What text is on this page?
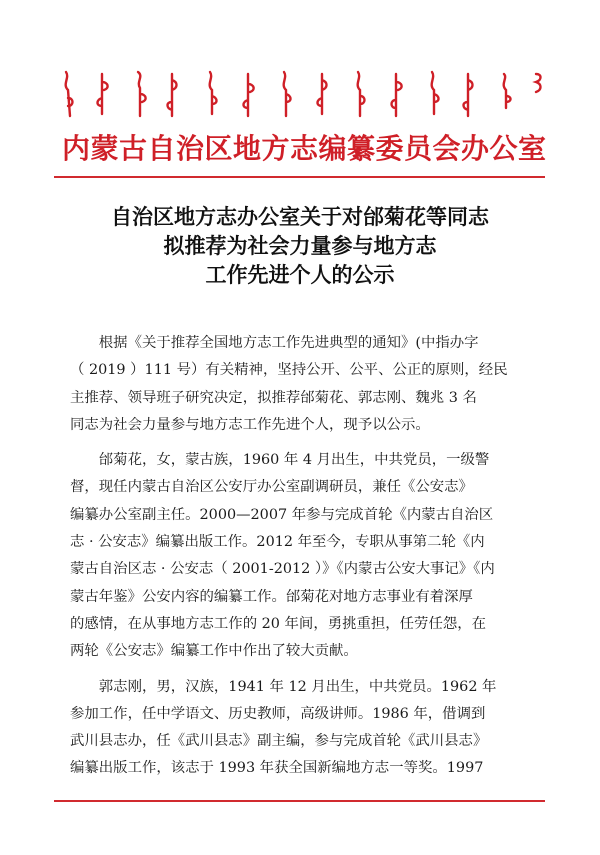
内蒙古自治区地方志编纂委员会办公室
自治区地方志办公室关于对邰菊花等同志
拟推荐为社会力量参与地方志
工作先进个人的公示
　　根据《关于推荐全国地方志工作先进典型的通知》(中指办字
（ 2019 ）111 号）有关精神，坚持公开、公平、公正的原则，经民
主推荐、领导班子研究决定，拟推荐邰菊花、郭志刚、魏兆 3 名
同志为社会力量参与地方志工作先进个人，现予以公示。
　　邰菊花，女，蒙古族，1960 年 4 月出生，中共党员，一级警
督，现任内蒙古自治区公安厅办公室副调研员，兼任《公安志》
编纂办公室副主任。2000—2007 年参与完成首轮《内蒙古自治区
志 · 公安志》编纂出版工作。2012 年至今，专职从事第二轮《内
蒙古自治区志 · 公安志（ 2001-2012 ）》《内蒙古公安大事记》《内
蒙古年鉴》公安内容的编纂工作。邰菊花对地方志事业有着深厚
的感情，在从事地方志工作的 20 年间，勇挑重担，任劳任怨，在
两轮《公安志》编纂工作中作出了较大贡献。
　　郭志刚，男，汉族，1941 年 12 月出生，中共党员。1962 年
参加工作，任中学语文、历史教师，高级讲师。1986 年，借调到
武川县志办，任《武川县志》副主编，参与完成首轮《武川县志》
编纂出版工作，该志于 1993 年获全国新编地方志一等奖。1997
